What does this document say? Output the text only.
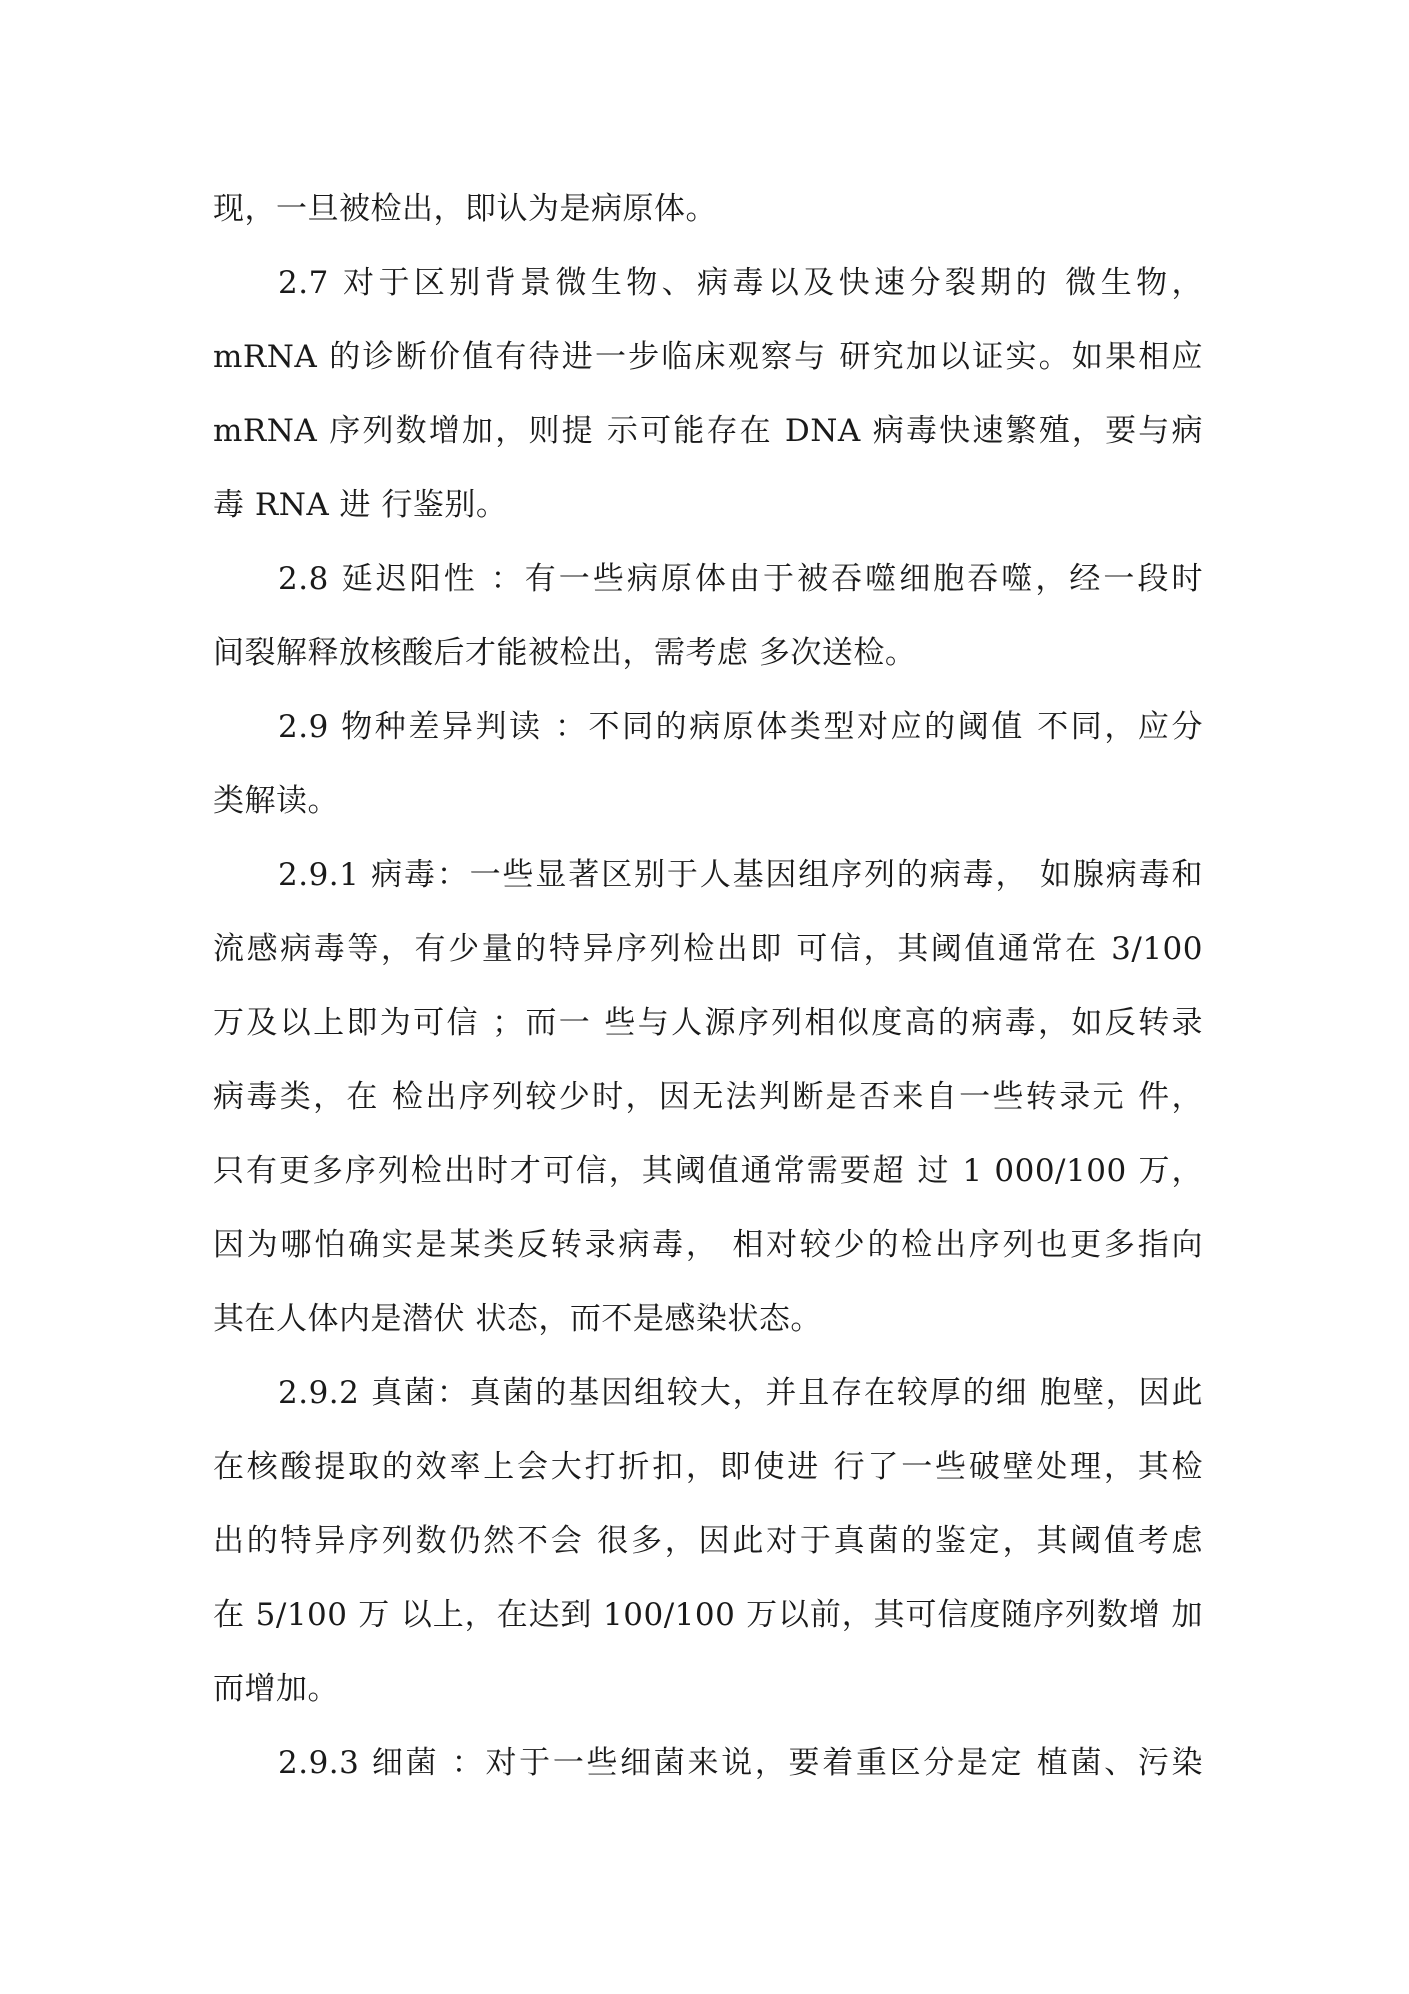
现，一旦被检出，即认为是病原体。
2.7 对于区别背景微生物、病毒以及快速分裂期的 微生物，
mRNA 的诊断价值有待进一步临床观察与 研究加以证实。如果相应
mRNA 序列数增加，则提 示可能存在 DNA 病毒快速繁殖，要与病
毒 RNA 进 行鉴别。
2.8 延迟阳性 ：有一些病原体由于被吞噬细胞吞噬，经一段时
间裂解释放核酸后才能被检出，需考虑 多次送检。
2.9 物种差异判读 ：不同的病原体类型对应的阈值 不同，应分
类解读。
2.9.1 病毒：一些显著区别于人基因组序列的病毒， 如腺病毒和
流感病毒等，有少量的特异序列检出即 可信，其阈值通常在 3/100
万及以上即为可信 ；而一 些与人源序列相似度高的病毒，如反转录
病毒类，在 检出序列较少时，因无法判断是否来自一些转录元 件，
只有更多序列检出时才可信，其阈值通常需要超 过 1 000/100 万，
因为哪怕确实是某类反转录病毒， 相对较少的检出序列也更多指向
其在人体内是潜伏 状态，而不是感染状态。
2.9.2 真菌：真菌的基因组较大，并且存在较厚的细 胞壁，因此
在核酸提取的效率上会大打折扣，即使进 行了一些破壁处理，其检
出的特异序列数仍然不会 很多，因此对于真菌的鉴定，其阈值考虑
在 5/100 万 以上，在达到 100/100 万以前，其可信度随序列数增 加
而增加。
2.9.3 细菌 ：对于一些细菌来说，要着重区分是定 植菌、污染
